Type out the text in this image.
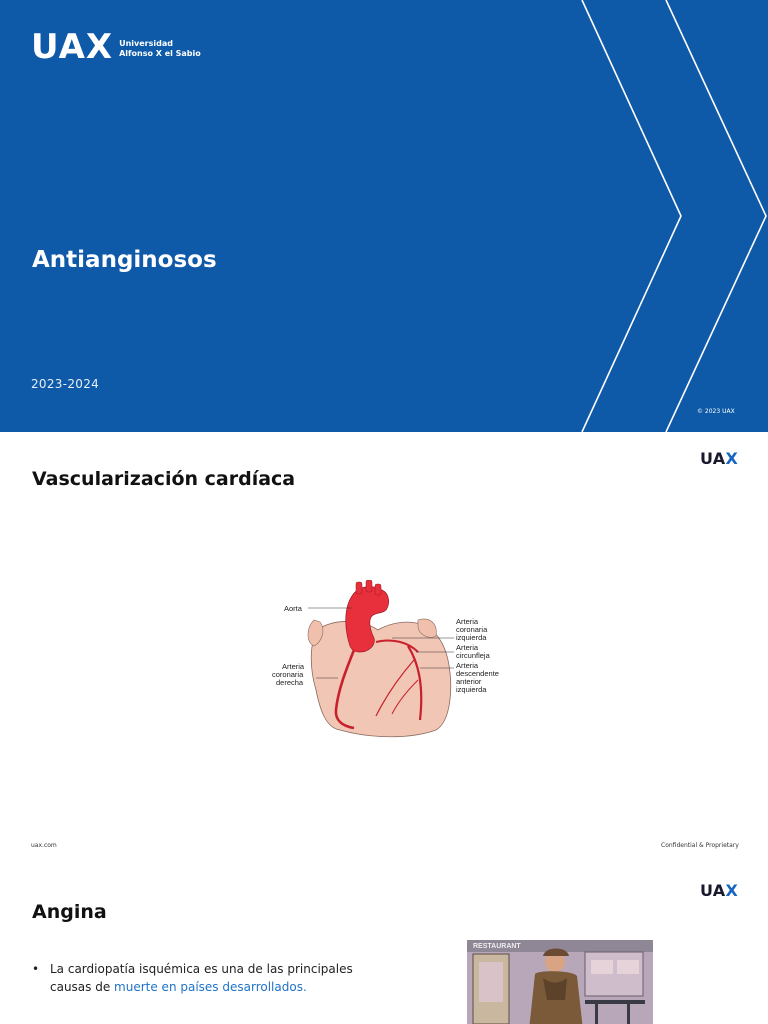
UAX Universidad
Alfonso X el Sabio
Antianginosos
2023-2024
© 2023 UAX
UAX
Vascularización cardíaca
Aorta
Arteria
coronaria
derecha
Arteria
coronaria
izquierda
Arteria
circunfleja
Arteria
descendente
anterior
izquierda
uax.com	Confidential & Proprietary
UAX
Angina
• La cardiopatía isquémica es una de las principales causas de muerte en países desarrollados.
RESTAURANT
